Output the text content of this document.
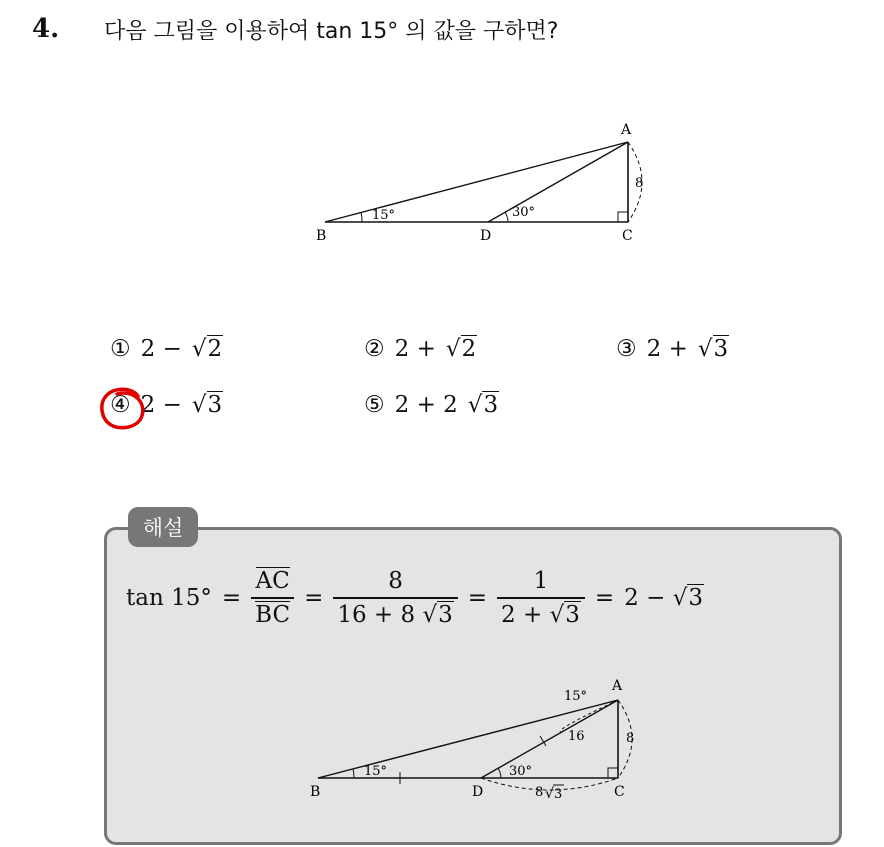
4. 다음 그림을 이용하여 tan 15° 의 값을 구하면?
A
B	C
D
15°	30°
8
① 2 − √2	② 2 + √2	③ 2 + √3
④ 2 − √3	⑤ 2 + 2 √3
해설
$\tan 15^\circ = \frac{AC}{BC} = \frac{8}{16 + 8 √3} = \frac{1}{2 + √3} = 2 - √3$
A
B	C
D
15°
15°	30°
16	8
8 √ 3
